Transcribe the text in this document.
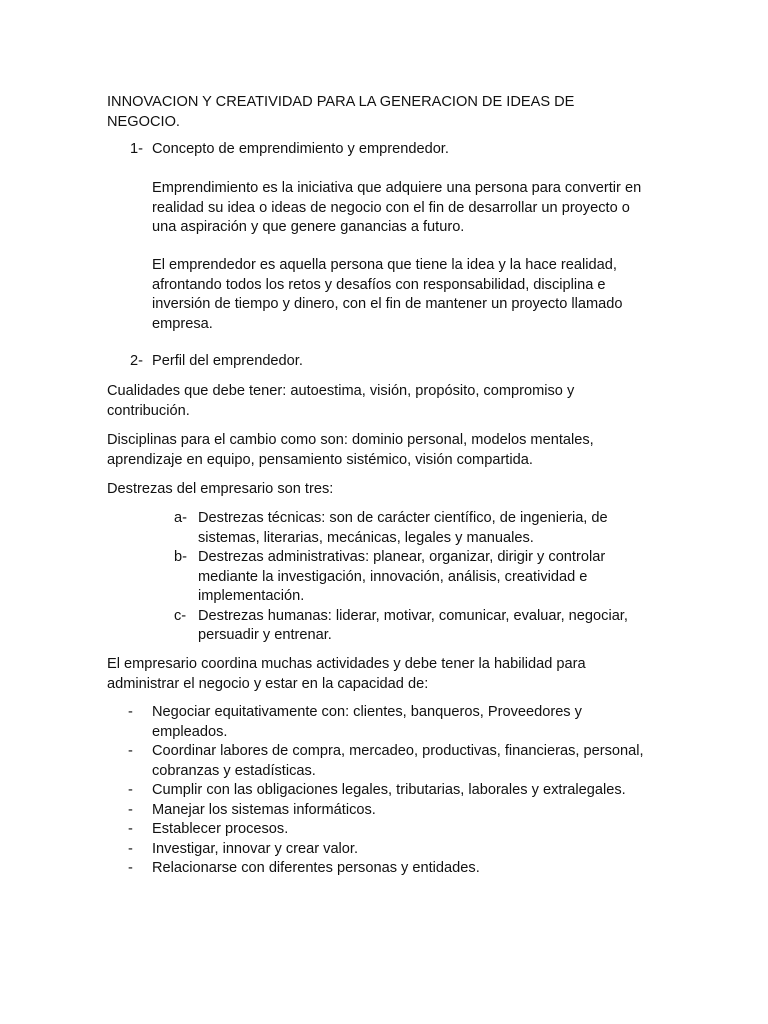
INNOVACION Y CREATIVIDAD PARA LA GENERACION DE IDEAS DE
NEGOCIO.
1- Concepto de emprendimiento y emprendedor.
Emprendimiento es la iniciativa que adquiere una persona para convertir en
realidad su idea o ideas de negocio con el fin de desarrollar un proyecto o
una aspiración y que genere ganancias a futuro.
El emprendedor es aquella persona que tiene la idea y la hace realidad,
afrontando todos los retos y desafíos con responsabilidad, disciplina e
inversión de tiempo y dinero, con el fin de mantener un proyecto llamado
empresa.
2- Perfil del emprendedor.
Cualidades que debe tener: autoestima, visión, propósito, compromiso y
contribución.
Disciplinas para el cambio como son: dominio personal, modelos mentales,
aprendizaje en equipo, pensamiento sistémico, visión compartida.
Destrezas del empresario son tres:
a- Destrezas técnicas: son de carácter científico, de ingenieria, de
sistemas, literarias, mecánicas, legales y manuales.
b- Destrezas administrativas: planear, organizar, dirigir y controlar
mediante la investigación, innovación, análisis, creatividad e
implementación.
c- Destrezas humanas: liderar, motivar, comunicar, evaluar, negociar,
persuadir y entrenar.
El empresario coordina muchas actividades y debe tener la habilidad para
administrar el negocio y estar en la capacidad de:
- Negociar equitativamente con: clientes, banqueros, Proveedores y
empleados.
- Coordinar labores de compra, mercadeo, productivas, financieras, personal,
cobranzas y estadísticas.
- Cumplir con las obligaciones legales, tributarias, laborales y extralegales.
- Manejar los sistemas informáticos.
- Establecer procesos.
- Investigar, innovar y crear valor.
- Relacionarse con diferentes personas y entidades.
